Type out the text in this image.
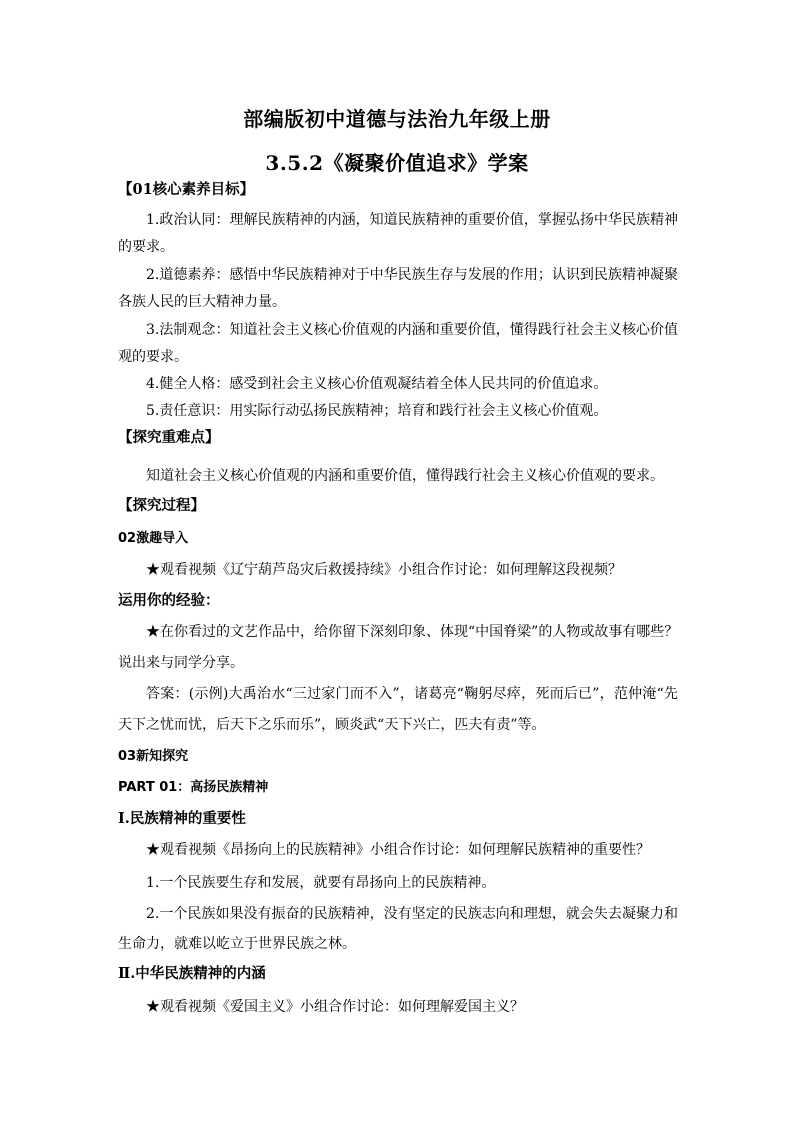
部编版初中道德与法治九年级上册
3.5.2《凝聚价值追求》学案
【01核心素养目标】
1.政治认同：理解民族精神的内涵，知道民族精神的重要价值，掌握弘扬中华民族精神
的要求。
2.道德素养：感悟中华民族精神对于中华民族生存与发展的作用；认识到民族精神凝聚
各族人民的巨大精神力量。
3.法制观念：知道社会主义核心价值观的内涵和重要价值，懂得践行社会主义核心价值
观的要求。
4.健全人格：感受到社会主义核心价值观凝结着全体人民共同的价值追求。
5.责任意识：用实际行动弘扬民族精神；培育和践行社会主义核心价值观。
【探究重难点】
知道社会主义核心价值观的内涵和重要价值，懂得践行社会主义核心价值观的要求。
【探究过程】
02激趣导入
★观看视频《辽宁葫芦岛灾后救援持续》小组合作讨论：如何理解这段视频？
运用你的经验：
★在你看过的文艺作品中，给你留下深刻印象、体现“中国脊梁”的人物或故事有哪些？
说出来与同学分享。
答案：(示例)大禹治水“三过家门而不入”，诸葛亮“鞠躬尽瘁，死而后已”，范仲淹“先
天下之忧而忧，后天下之乐而乐”，顾炎武“天下兴亡，匹夫有责”等。
03新知探究
PART 01：高扬民族精神
Ⅰ.民族精神的重要性
★观看视频《昂扬向上的民族精神》小组合作讨论：如何理解民族精神的重要性？
1.一个民族要生存和发展，就要有昂扬向上的民族精神。
2.一个民族如果没有振奋的民族精神，没有坚定的民族志向和理想，就会失去凝聚力和
生命力，就难以屹立于世界民族之林。
Ⅱ.中华民族精神的内涵
★观看视频《爱国主义》小组合作讨论：如何理解爱国主义？
